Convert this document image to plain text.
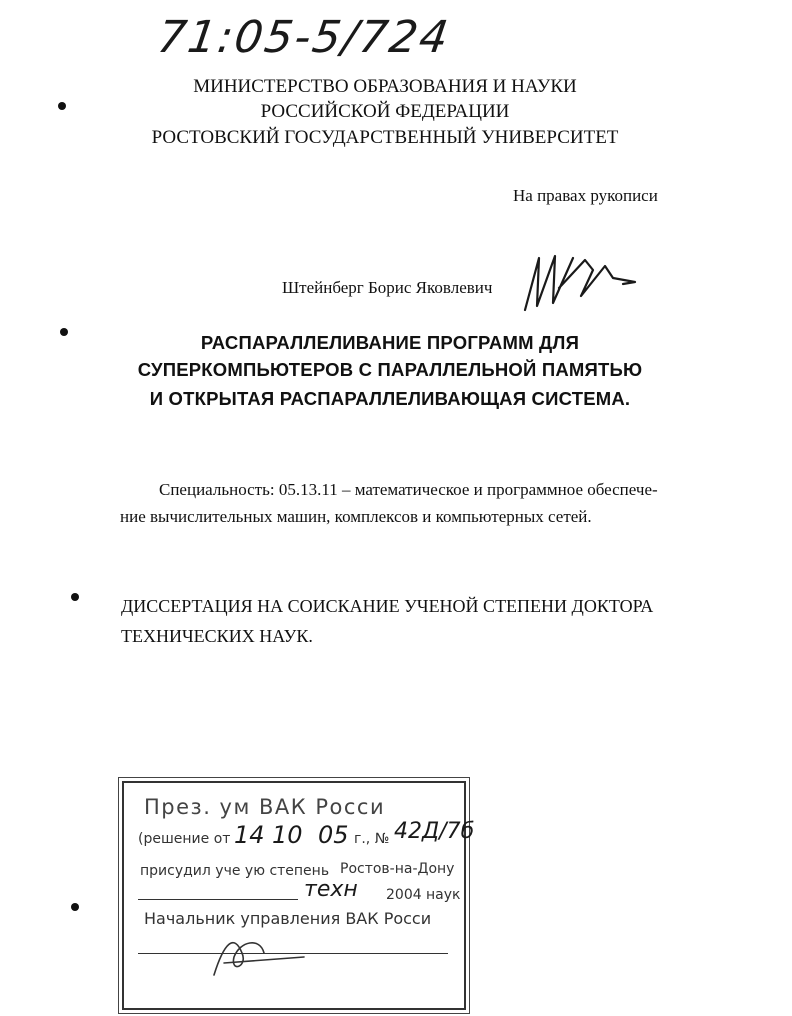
71:05-5/724
МИНИСТЕРСТВО ОБРАЗОВАНИЯ И НАУКИ
РОССИЙСКОЙ ФЕДЕРАЦИИ
РОСТОВСКИЙ ГОСУДАРСТВЕННЫЙ УНИВЕРСИТЕТ
На правах рукописи
Штейнберг Борис Яковлевич
РАСПАРАЛЛЕЛИВАНИЕ ПРОГРАММ ДЛЯ
СУПЕРКОМПЬЮТЕРОВ С ПАРАЛЛЕЛЬНОЙ ПАМЯТЬЮ
И ОТКРЫТАЯ РАСПАРАЛЛЕЛИВАЮЩАЯ СИСТЕМА.
Специальность: 05.13.11 – математическое и программное обеспече-
ние вычислительных машин, комплексов и компьютерных сетей.
ДИССЕРТАЦИЯ НА СОИСКАНИЕ УЧЕНОЙ СТЕПЕНИ ДОКТОРА
ТЕХНИЧЕСКИХ НАУК.
През. ум ВАК Росси
(решение от 14 10 05 г., № 42Д/7б
присудил уче ую степень Ростов-на-Дону
техн 2004 наук
Начальник управления ВАК Росси
